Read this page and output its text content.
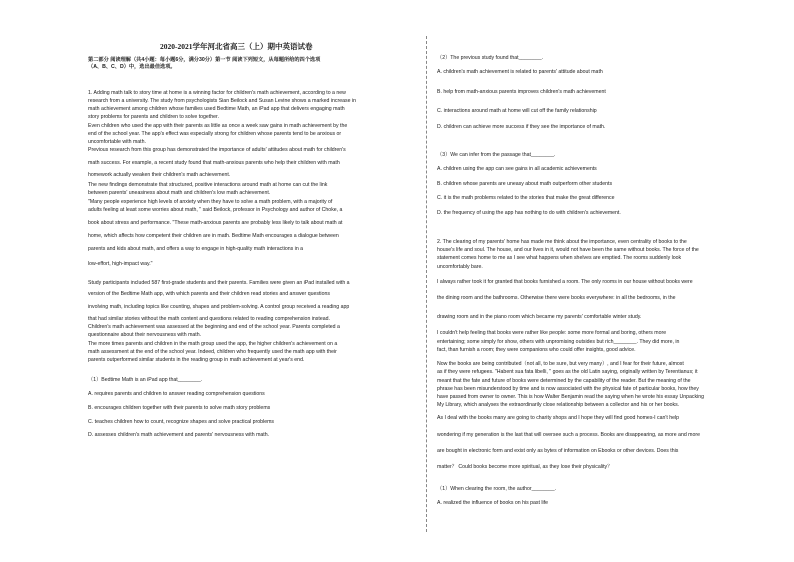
2020-2021学年河北省高三（上）期中英语试卷
第二部分 阅读理解（共4小题：每小题6分，满分30分）第一节 阅读下列短文，从每题所给的四个选项
（A、B、C、D）中，选出最佳选项。
1. Adding math talk to story time at home is a winning factor for children's math achievement, according to a new
research from a university. The study from psychologists Sian Beilock and Susan Levine shows a marked increase in
math achievement among children whose families used Bedtime Math, an iPad app that delivers engaging math
story problems for parents and children to solve together.
Even children who used the app with their parents as little as once a week saw gains in math achievement by the
end of the school year. The app's effect was especially strong for children whose parents tend to be anxious or
uncomfortable with math.
Previous research from this group has demonstrated the importance of adults' attitudes about math for children's
math success. For example, a recent study found that math-anxious parents who help their children with math
homework actually weaken their children's math achievement.
The new findings demonstrate that structured, positive interactions around math at home can cut the link
between parents' uneasiness about math and children's low math achievement.
"Many people experience high levels of anxiety when they have to solve a math problem, with a majority of
adults feeling at least some worries about math, " said Beilock, professor in Psychology and author of Choke, a
book about stress and performance. "These math-anxious parents are probably less likely to talk about math at
home, which affects how competent their children are in math. Bedtime Math encourages a dialogue between
parents and kids about math, and offers a way to engage in high-quality math interactions in a
low-effort, high-impact way."
Study participants included 587 first-grade students and their parents. Families were given an iPad installed with a
version of the Bedtime Math app, with which parents and their children read stories and answer questions
involving math, including topics like counting, shapes and problem-solving. A control group received a reading app
that had similar stories without the math content and questions related to reading comprehension instead.
Children's math achievement was assessed at the beginning and end of the school year. Parents completed a
questionnaire about their nervousness with math.
The more times parents and children in the math group used the app, the higher children's achievement on a
math assessment at the end of the school year. Indeed, children who frequently used the math app with their
parents outperformed similar students in the reading group in math achievement at year's end.
（1）Bedtime Math is an iPad app that________.
A. requires parents and children to answer reading comprehension questions
B. encourages children together with their parents to solve math story problems
C. teaches children how to count, recognize shapes and solve practical problems
D. assesses children's math achievement and parents' nervousness with math.
（2）The previous study found that________.
A. children's math achievement is related to parents' attitude about math
B. help from math-anxious parents improves children's math achievement
C. interactions around math at home will cut off the family relationship
D. children can achieve more success if they see the importance of math.
（3）We can infer from the passage that________.
A. children using the app can see gains in all academic achievements
B. children whose parents are uneasy about math outperform other students
C. it is the math problems related to the stories that make the great difference
D. the frequency of using the app has nothing to do with children's achievement.
2. The clearing of my parents' home has made me think about the importance, even centrality of books to the
house's life and soul. The house, and our lives in it, would not have been the same without books. The force of the
statement comes home to me as I see what happens when shelves are emptied. The rooms suddenly look
uncomfortably bare.
I always rather took it for granted that books furnished a room. The only rooms in our house without books were
the dining room and the bathrooms. Otherwise there were books everywhere: in all the bedrooms, in the
drawing room and in the piano room which became my parents' comfortable winter study.
I couldn't help feeling that books were rather like people: some more formal and boring, others more
entertaining; some simply for show, others with unpromising outsides but rich________. They did more, in
fact, than furnish a room; they were companions who could offer insights, good advice.
Now the books are being contributed（not all, to be sure, but very many）, and I fear for their future, almost
as if they were refugees. "Habent sua fata libelli, " goes as the old Latin saying, originally written by Terentianus; it
meant that the fate and future of books were determined by the capability of the reader. But the meaning of the
phrase has been misunderstood by time and is now associated with the physical fate of particular books, how they
have passed from owner to owner. This is how Walter Benjamin read the saying when he wrote his essay Unpacking
My Library, which analyses the extraordinarily close relationship between a collector and his or her books.
As I deal with the books many are going to charity shops and I hope they will find good homes-I can't help
wondering if my generation is the last that will oversee such a process. Books are disappearing, as more and more
are bought in electronic form and exist only as bytes of information on Ebooks or other devices. Does this
matter？ Could books become more spiritual, as they lose their physicality？
（1）When clearing the room, the author________.
A. realized the influence of books on his past life
